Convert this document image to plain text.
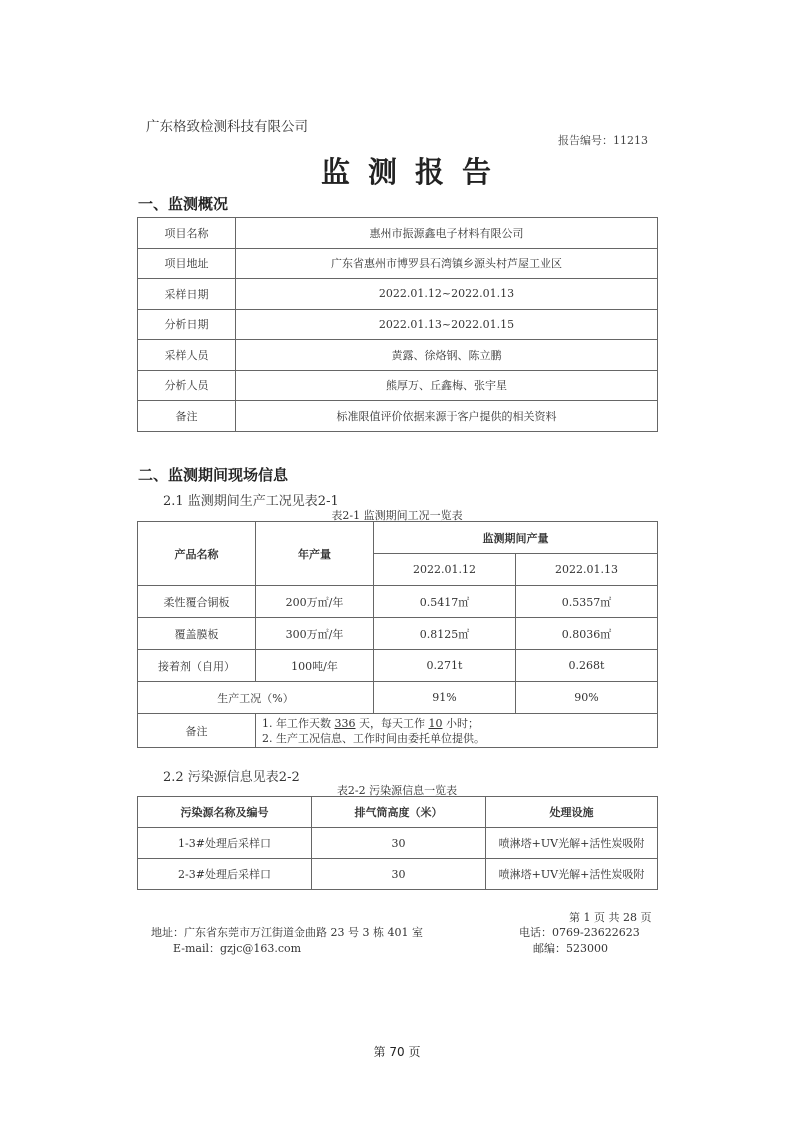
广东格致检测科技有限公司
报告编号：11213
监测报告
一、监测概况
项目名称	惠州市振源鑫电子材料有限公司
项目地址	广东省惠州市博罗县石湾镇乡源头村芦屋工业区
采样日期	2022.01.12~2022.01.13
分析日期	2022.01.13~2022.01.15
采样人员	黄露、徐烙钢、陈立鹏
分析人员	熊厚万、丘鑫梅、张宇星
备注	标准限值评价依据来源于客户提供的相关资料
二、监测期间现场信息
2.1 监测期间生产工况见表2-1
表2-1 监测期间工况一览表
产品名称	年产量	监测期间产量	
		2022.01.12	2022.01.13
柔性覆合铜板	200万㎡/年	0.5417㎡	0.5357㎡
覆盖膜板	300万㎡/年	0.8125㎡	0.8036㎡
接着剂（自用）	100吨/年	0.271t	0.268t
生产工况（%）		91%	90%
备注	1. 年工作天数 336 天，每天工作 10 小时；
2. 生产工况信息、工作时间由委托单位提供。		
2.2 污染源信息见表2-2
表2-2 污染源信息一览表
污染源名称及编号	排气筒高度（米）	处理设施
1-3#处理后采样口	30	喷淋塔+UV光解+活性炭吸附
2-3#处理后采样口	30	喷淋塔+UV光解+活性炭吸附
第 1 页 共 28 页
地址：广东省东莞市万江街道金曲路 23 号 3 栋 401 室	电话：0769-23622623
E-mail：gzjc@163.com	邮编：523000
第 70 页
